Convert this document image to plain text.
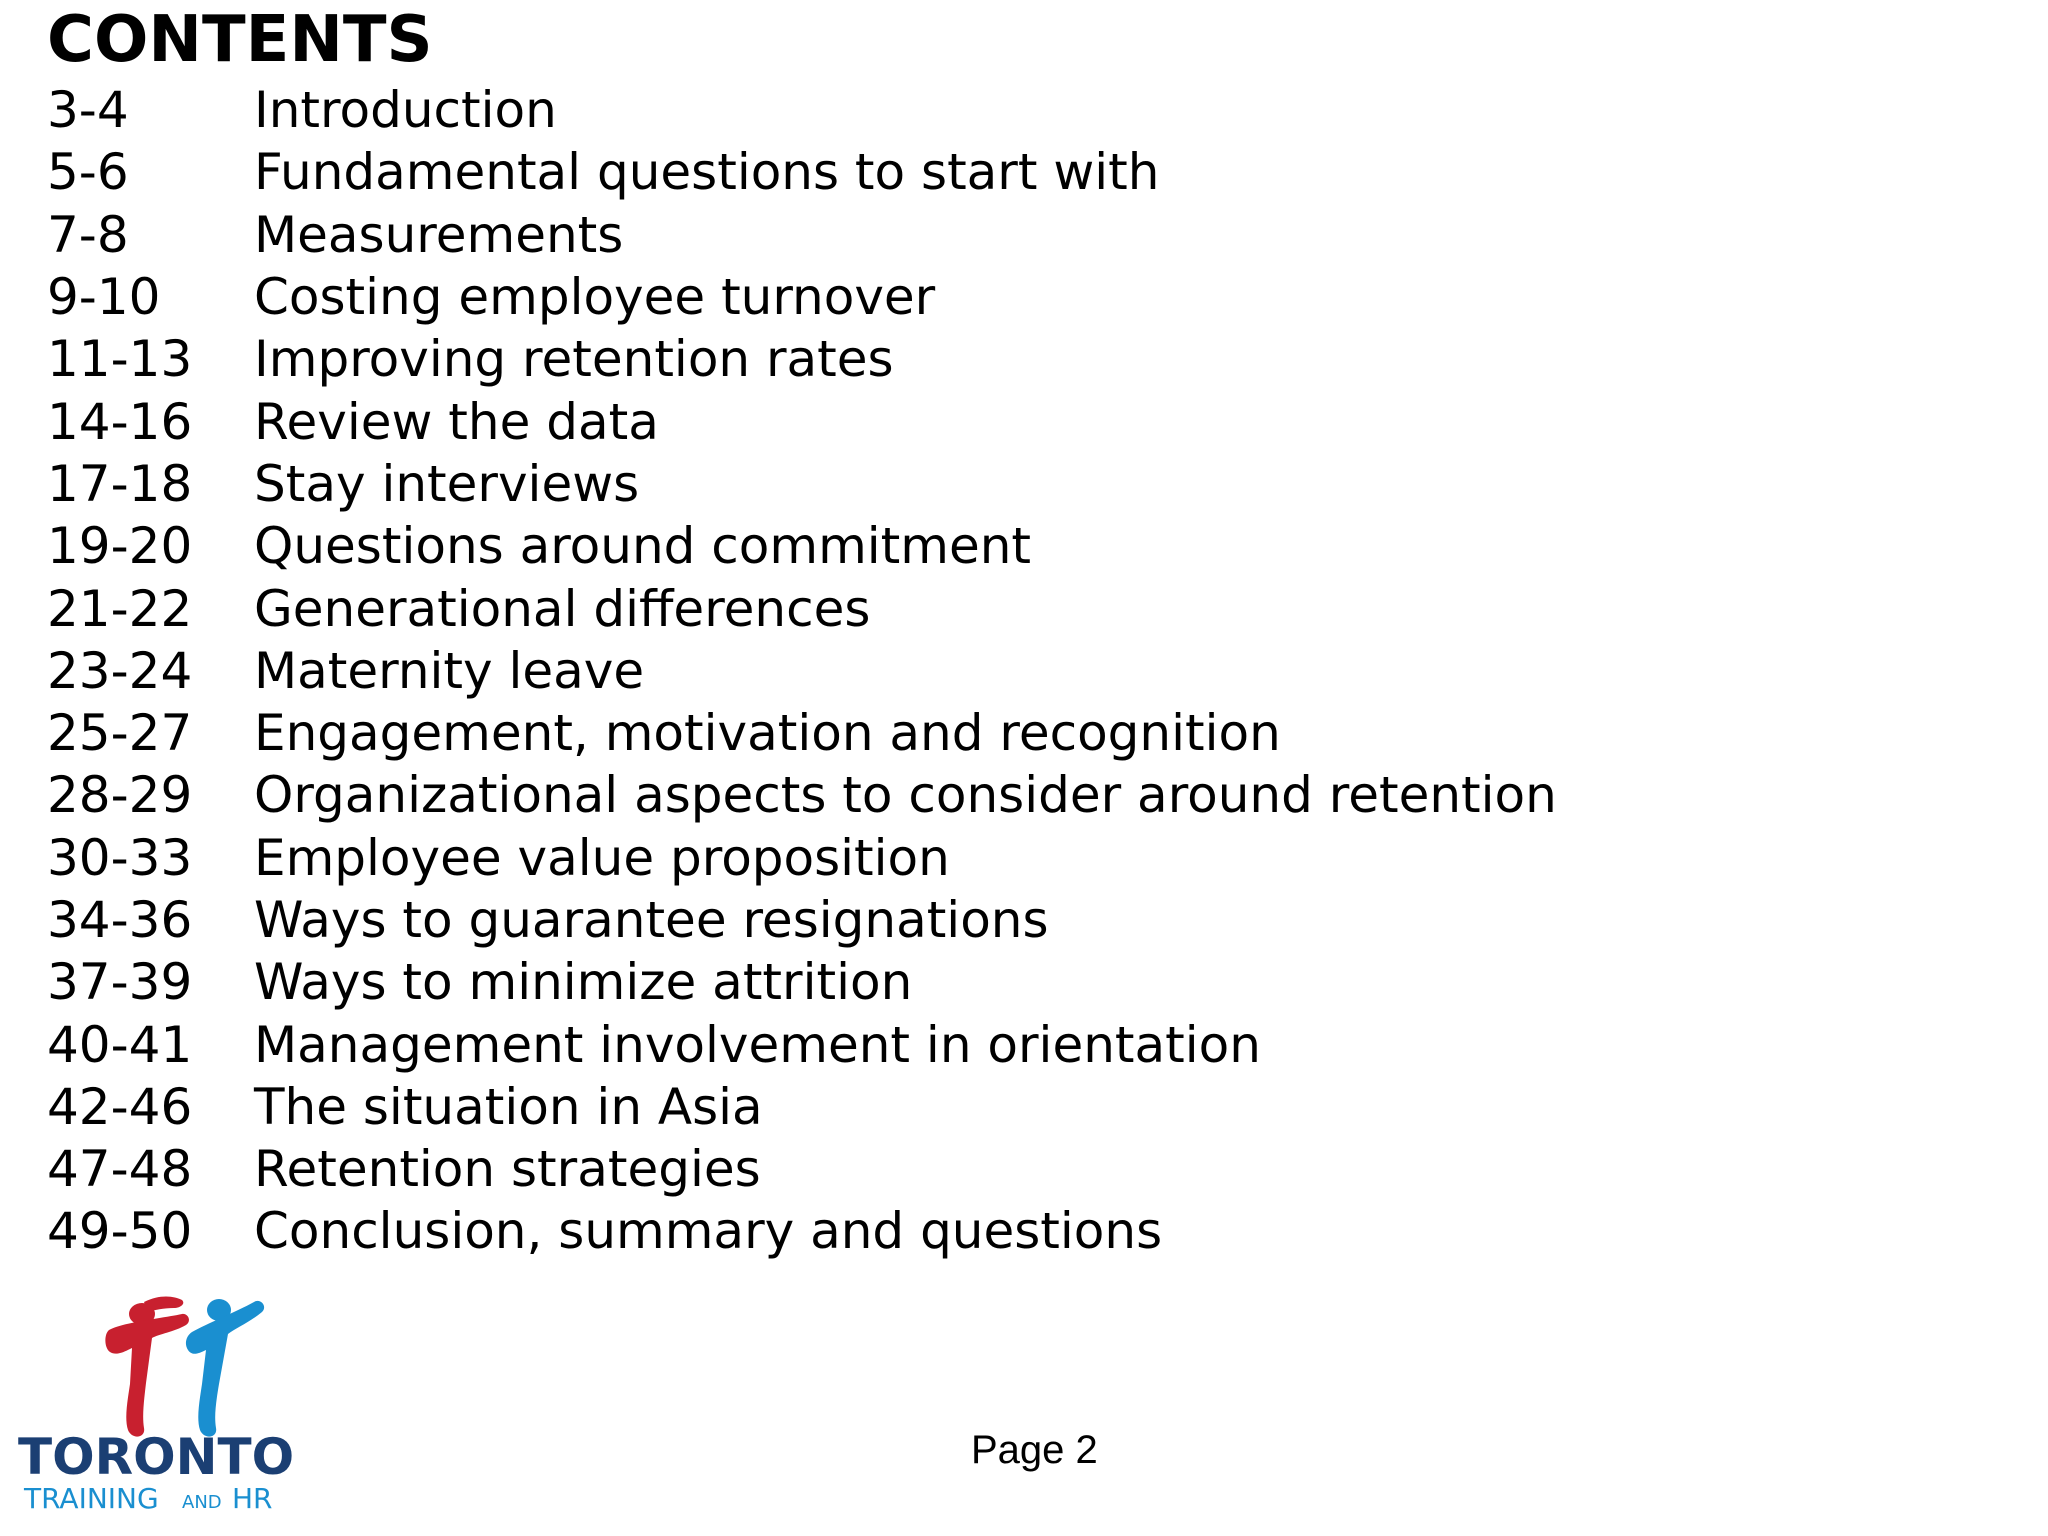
CONTENTS
3-4	Introduction
5-6	Fundamental questions to start with
7-8	Measurements
9-10	Costing employee turnover
11-13	Improving retention rates
14-16	Review the data
17-18	Stay interviews
19-20	Questions around commitment
21-22	Generational differences
23-24	Maternity leave
25-27	Engagement, motivation and recognition
28-29	Organizational aspects to consider around retention
30-33	Employee value proposition
34-36	Ways to guarantee resignations
37-39	Ways to minimize attrition
40-41	Management involvement in orientation
42-46	The situation in Asia
47-48	Retention strategies
49-50	Conclusion, summary and questions
TORONTO
TRAINING AND HR
Page 2
